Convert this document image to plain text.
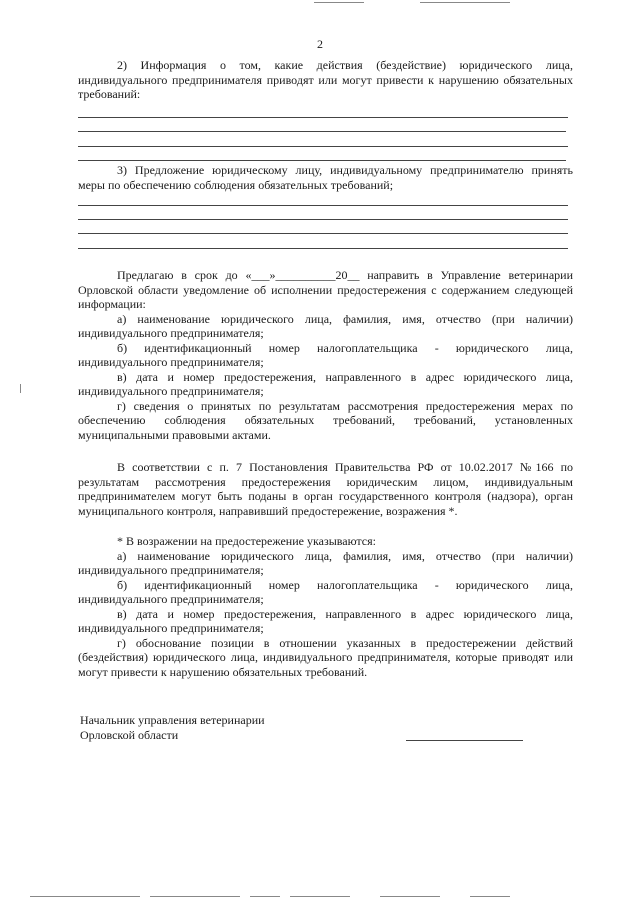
2
2) Информация о том, какие действия (бездействие) юридического лица, индивидуального предпринимателя приводят или могут привести к нарушению обязательных требований:
3) Предложение юридическому лицу, индивидуальному предпринимателю принять меры по обеспечению соблюдения обязательных требований;

Предлагаю в срок до «___»__________20__ направить в Управление ветеринарии Орловской области уведомление об исполнении предостережения с содержанием следующей информации:

а) наименование юридического лица, фамилия, имя, отчество (при наличии) индивидуального предпринимателя;

б) идентификационный номер налогоплательщика - юридического лица, индивидуального предпринимателя;

в) дата и номер предостережения, направленного в адрес юридического лица, индивидуального предпринимателя;

г) сведения о принятых по результатам рассмотрения предостережения мерах по обеспечению соблюдения обязательных требований, требований, установленных муниципальными правовыми актами.

В соответствии с п. 7 Постановления Правительства РФ от 10.02.2017 №166 по результатам рассмотрения предостережения юридическим лицом, индивидуальным предпринимателем могут быть поданы в орган государственного контроля (надзора), орган муниципального контроля, направивший предостережение, возражения *.

* В возражении на предостережение указываются:

а) наименование юридического лица, фамилия, имя, отчество (при наличии) индивидуального предпринимателя;

б) идентификационный номер налогоплательщика - юридического лица, индивидуального предпринимателя;

в) дата и номер предостережения, направленного в адрес юридического лица, индивидуального предпринимателя;

г) обоснование позиции в отношении указанных в предостережении действий (бездействия) юридического лица, индивидуального предпринимателя, которые приводят или могут привести к нарушению обязательных требований.

Начальник управления ветеринарии
Орловской области
